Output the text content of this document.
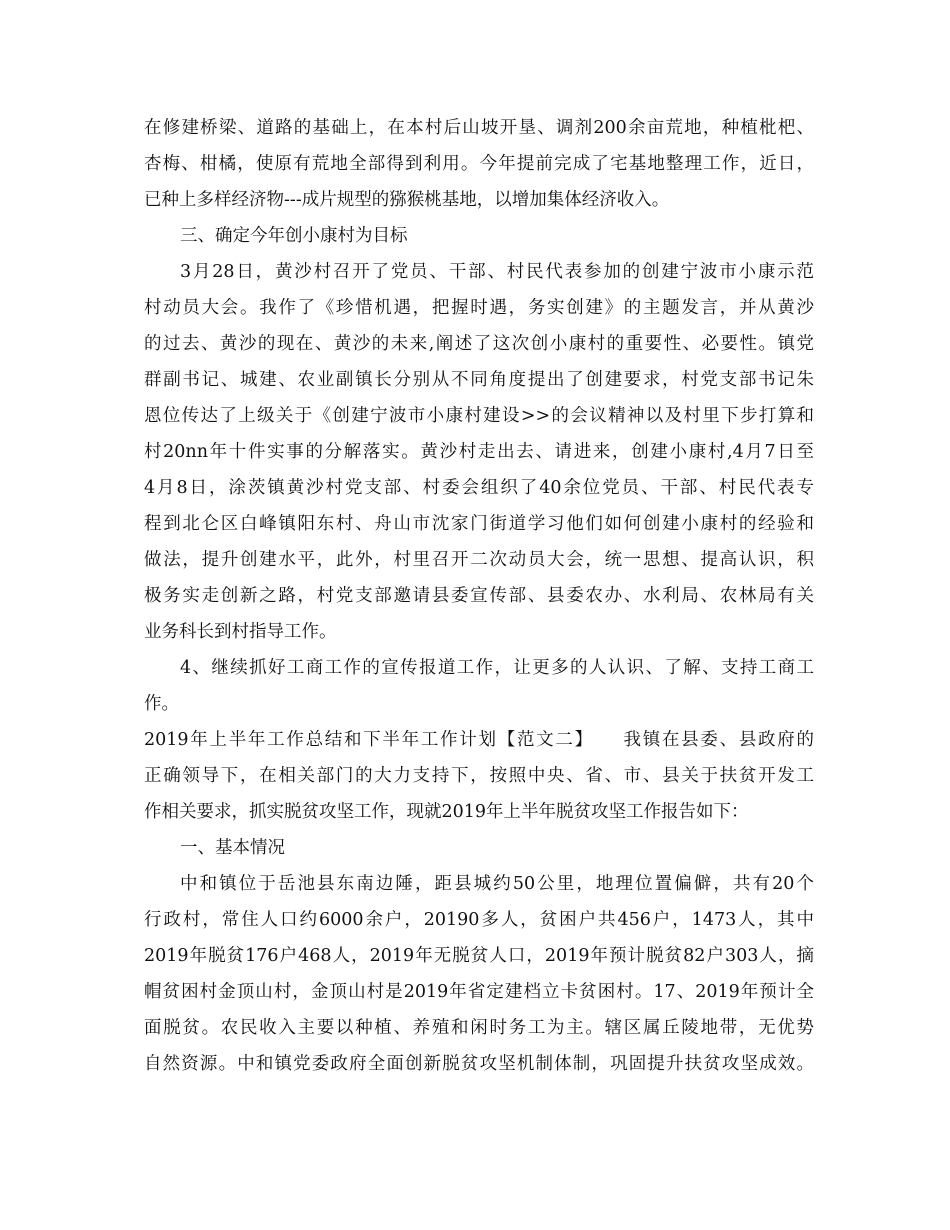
在修建桥梁、道路的基础上，在本村后山坡开垦、调剂200余亩荒地，种植枇杷、
杏梅、柑橘，使原有荒地全部得到利用。今年提前完成了宅基地整理工作，近日，
已种上多样经济物---成片规型的猕猴桃基地，以增加集体经济收入。
三、确定今年创小康村为目标
3月28日，黄沙村召开了党员、干部、村民代表参加的创建宁波市小康示范
村动员大会。我作了《珍惜机遇，把握时遇，务实创建》的主题发言，并从黄沙
的过去、黄沙的现在、黄沙的未来,阐述了这次创小康村的重要性、必要性。镇党
群副书记、城建、农业副镇长分别从不同角度提出了创建要求，村党支部书记朱
恩位传达了上级关于《创建宁波市小康村建设>>的会议精神以及村里下步打算和
村20nn年十件实事的分解落实。黄沙村走出去、请进来，创建小康村,4月7日至
4月8日，涂茨镇黄沙村党支部、村委会组织了40余位党员、干部、村民代表专
程到北仑区白峰镇阳东村、舟山市沈家门街道学习他们如何创建小康村的经验和
做法，提升创建水平，此外，村里召开二次动员大会，统一思想、提高认识，积
极务实走创新之路，村党支部邀请县委宣传部、县委农办、水利局、农林局有关
业务科长到村指导工作。
4、继续抓好工商工作的宣传报道工作，让更多的人认识、了解、支持工商工
作。
2019年上半年工作总结和下半年工作计划【范文二】　　我镇在县委、县政府的
正确领导下，在相关部门的大力支持下，按照中央、省、市、县关于扶贫开发工
作相关要求，抓实脱贫攻坚工作，现就2019年上半年脱贫攻坚工作报告如下：
一、基本情况
中和镇位于岳池县东南边陲，距县城约50公里，地理位置偏僻，共有20个
行政村，常住人口约6000余户，20190多人，贫困户共456户，1473人，其中
2019年脱贫176户468人，2019年无脱贫人口，2019年预计脱贫82户303人，摘
帽贫困村金顶山村，金顶山村是2019年省定建档立卡贫困村。17、2019年预计全
面脱贫。农民收入主要以种植、养殖和闲时务工为主。辖区属丘陵地带，无优势
自然资源。中和镇党委政府全面创新脱贫攻坚机制体制，巩固提升扶贫攻坚成效。
